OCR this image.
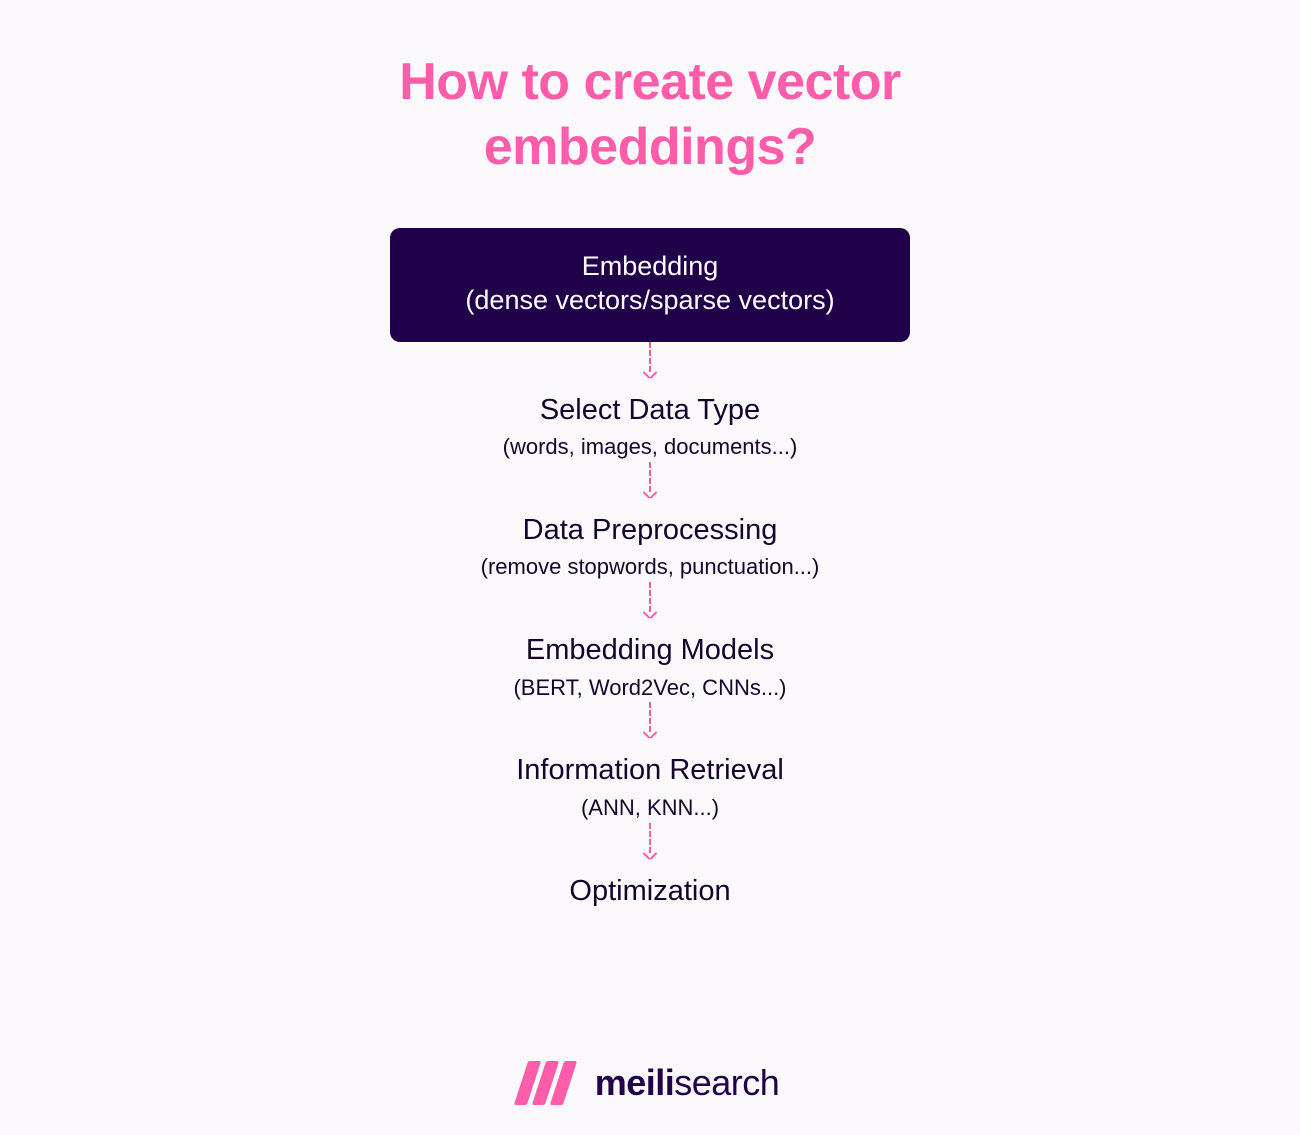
How to create vector embeddings?
Embedding
(dense vectors/sparse vectors)
Select Data Type
(words, images, documents...)
Data Preprocessing
(remove stopwords, punctuation...)
Embedding Models
(BERT, Word2Vec, CNNs...)
Information Retrieval
(ANN, KNN...)
Optimization
meilisearch
